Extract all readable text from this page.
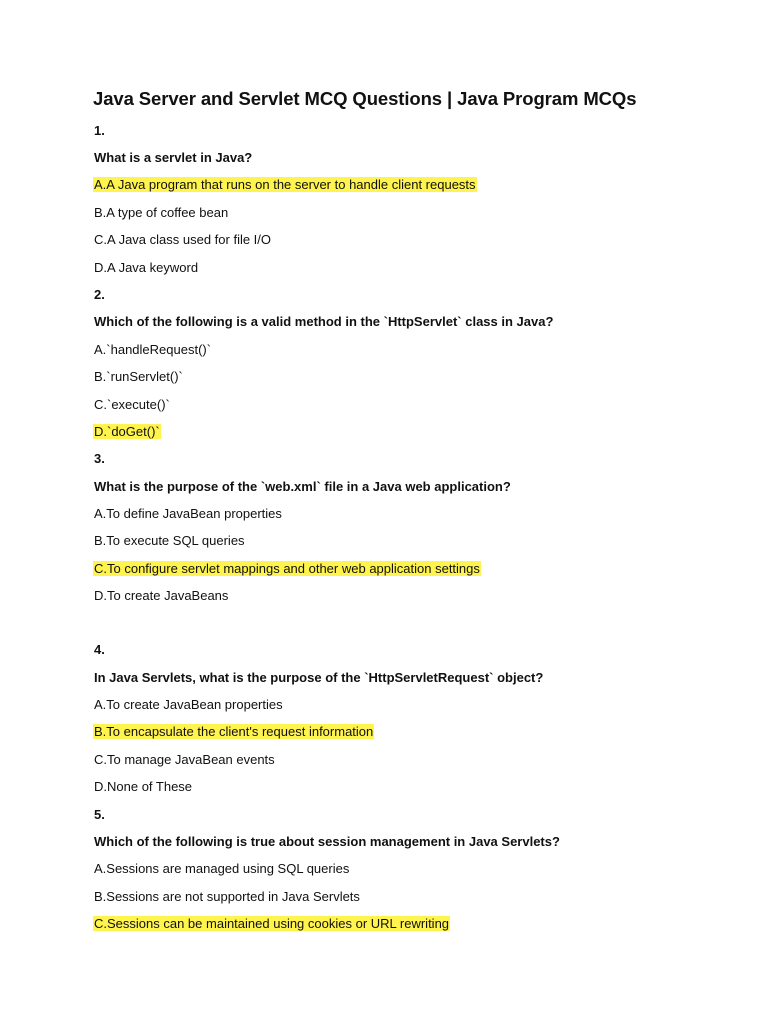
Java Server and Servlet MCQ Questions | Java Program MCQs
1.
What is a servlet in Java?
A.A Java program that runs on the server to handle client requests
B.A type of coffee bean
C.A Java class used for file I/O
D.A Java keyword
2.
Which of the following is a valid method in the `HttpServlet` class in Java?
A.`handleRequest()`
B.`runServlet()`
C.`execute()`
D.`doGet()`
3.
What is the purpose of the `web.xml` file in a Java web application?
A.To define JavaBean properties
B.To execute SQL queries
C.To configure servlet mappings and other web application settings
D.To create JavaBeans
4.
In Java Servlets, what is the purpose of the `HttpServletRequest` object?
A.To create JavaBean properties
B.To encapsulate the client's request information
C.To manage JavaBean events
D.None of These
5.
Which of the following is true about session management in Java Servlets?
A.Sessions are managed using SQL queries
B.Sessions are not supported in Java Servlets
C.Sessions can be maintained using cookies or URL rewriting
